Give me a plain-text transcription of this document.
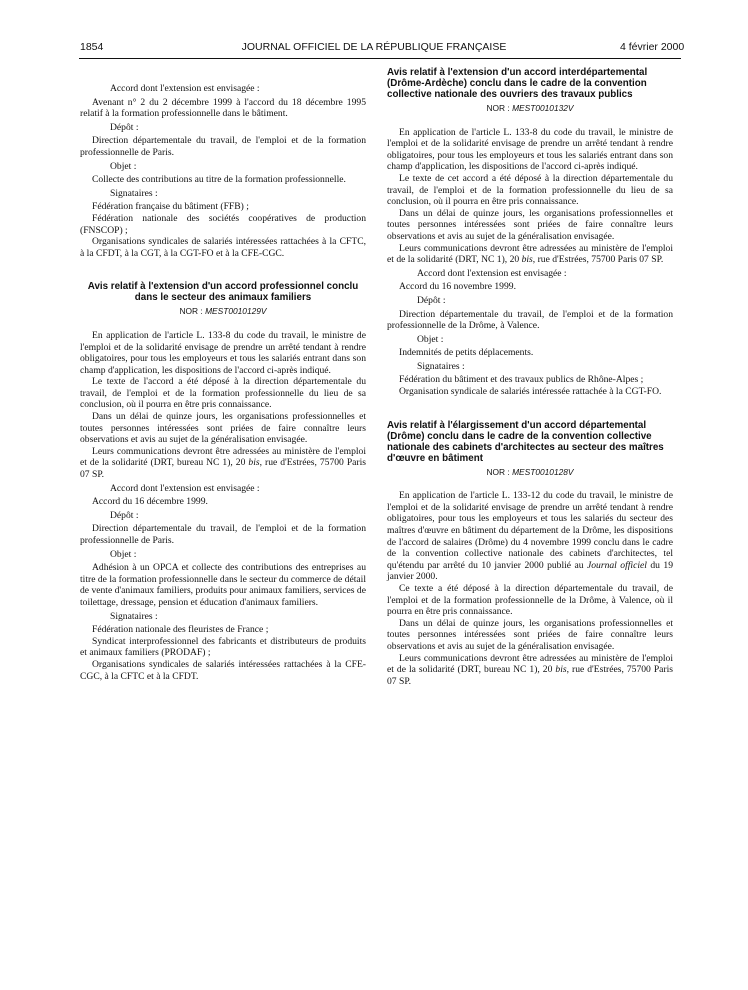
1854	JOURNAL OFFICIEL DE LA RÉPUBLIQUE FRANÇAISE	4 février 2000

Accord dont l'extension est envisagée :

Avenant n° 2 du 2 décembre 1999 à l'accord du 18 décembre 1995 relatif à la formation professionnelle dans le bâtiment.

Dépôt :

Direction départementale du travail, de l'emploi et de la formation professionnelle de Paris.

Objet :

Collecte des contributions au titre de la formation professionnelle.

Signataires :

Fédération française du bâtiment (FFB) ;

Fédération nationale des sociétés coopératives de production (FNSCOP) ;

Organisations syndicales de salariés intéressées rattachées à la CFTC, à la CFDT, à la CGT, à la CGT-FO et à la CFE-CGC.

Avis relatif à l'extension d'un accord professionnel conclu dans le secteur des animaux familiers
NOR : MEST0010129V

En application de l'article L. 133-8 du code du travail, le ministre de l'emploi et de la solidarité envisage de prendre un arrêté tendant à rendre obligatoires, pour tous les employeurs et tous les salariés entrant dans son champ d'application, les dispositions de l'accord ci-après indiqué.

Le texte de l'accord a été déposé à la direction départementale du travail, de l'emploi et de la formation professionnelle du lieu de sa conclusion, où il pourra en être pris connaissance.

Dans un délai de quinze jours, les organisations professionnelles et toutes personnes intéressées sont priées de faire connaître leurs observations et avis au sujet de la généralisation envisagée.

Leurs communications devront être adressées au ministère de l'emploi et de la solidarité (DRT, bureau NC 1), 20 bis, rue d'Estrées, 75700 Paris 07 SP.

Accord dont l'extension est envisagée :

Accord du 16 décembre 1999.

Dépôt :

Direction départementale du travail, de l'emploi et de la formation professionnelle de Paris.

Objet :

Adhésion à un OPCA et collecte des contributions des entreprises au titre de la formation professionnelle dans le secteur du commerce de détail de vente d'animaux familiers, produits pour animaux familiers, services de toilettage, dressage, pension et éducation d'animaux familiers.

Signataires :

Fédération nationale des fleuristes de France ;

Syndicat interprofessionnel des fabricants et distributeurs de produits et animaux familiers (PRODAF) ;

Organisations syndicales de salariés intéressées rattachées à la CFE-CGC, à la CFTC et à la CFDT.

Avis relatif à l'extension d'un accord interdépartemental (Drôme-Ardèche) conclu dans le cadre de la convention collective nationale des ouvriers des travaux publics
NOR : MEST0010132V

En application de l'article L. 133-8 du code du travail, le ministre de l'emploi et de la solidarité envisage de prendre un arrêté tendant à rendre obligatoires, pour tous les employeurs et tous les salariés entrant dans son champ d'application, les dispositions de l'accord ci-après indiqué.

Le texte de cet accord a été déposé à la direction départementale du travail, de l'emploi et de la formation professionnelle du lieu de sa conclusion, où il pourra en être pris connaissance.

Dans un délai de quinze jours, les organisations professionnelles et toutes personnes intéressées sont priées de faire connaître leurs observations et avis au sujet de la généralisation envisagée.

Leurs communications devront être adressées au ministère de l'emploi et de la solidarité (DRT, NC 1), 20 bis, rue d'Estrées, 75700 Paris 07 SP.

Accord dont l'extension est envisagée :

Accord du 16 novembre 1999.

Dépôt :

Direction départementale du travail, de l'emploi et de la formation professionnelle de la Drôme, à Valence.

Objet :

Indemnités de petits déplacements.

Signataires :

Fédération du bâtiment et des travaux publics de Rhône-Alpes ;

Organisation syndicale de salariés intéressée rattachée à la CGT-FO.

Avis relatif à l'élargissement d'un accord départemental (Drôme) conclu dans le cadre de la convention collective nationale des cabinets d'architectes au secteur des maîtres d'œuvre en bâtiment
NOR : MEST0010128V

En application de l'article L. 133-12 du code du travail, le ministre de l'emploi et de la solidarité envisage de prendre un arrêté tendant à rendre obligatoires, pour tous les employeurs et tous les salariés du secteur des maîtres d'œuvre en bâtiment du département de la Drôme, les dispositions de l'accord de salaires (Drôme) du 4 novembre 1999 conclu dans le cadre de la convention collective nationale des cabinets d'architectes, tel qu'étendu par arrêté du 10 janvier 2000 publié au Journal officiel du 19 janvier 2000.

Ce texte a été déposé à la direction départementale du travail, de l'emploi et de la formation professionnelle de la Drôme, à Valence, où il pourra en être pris connaissance.

Dans un délai de quinze jours, les organisations professionnelles et toutes personnes intéressées sont priées de faire connaître leurs observations et avis au sujet de la généralisation envisagée.

Leurs communications devront être adressées au ministère de l'emploi et de la solidarité (DRT, bureau NC 1), 20 bis, rue d'Estrées, 75700 Paris 07 SP.
